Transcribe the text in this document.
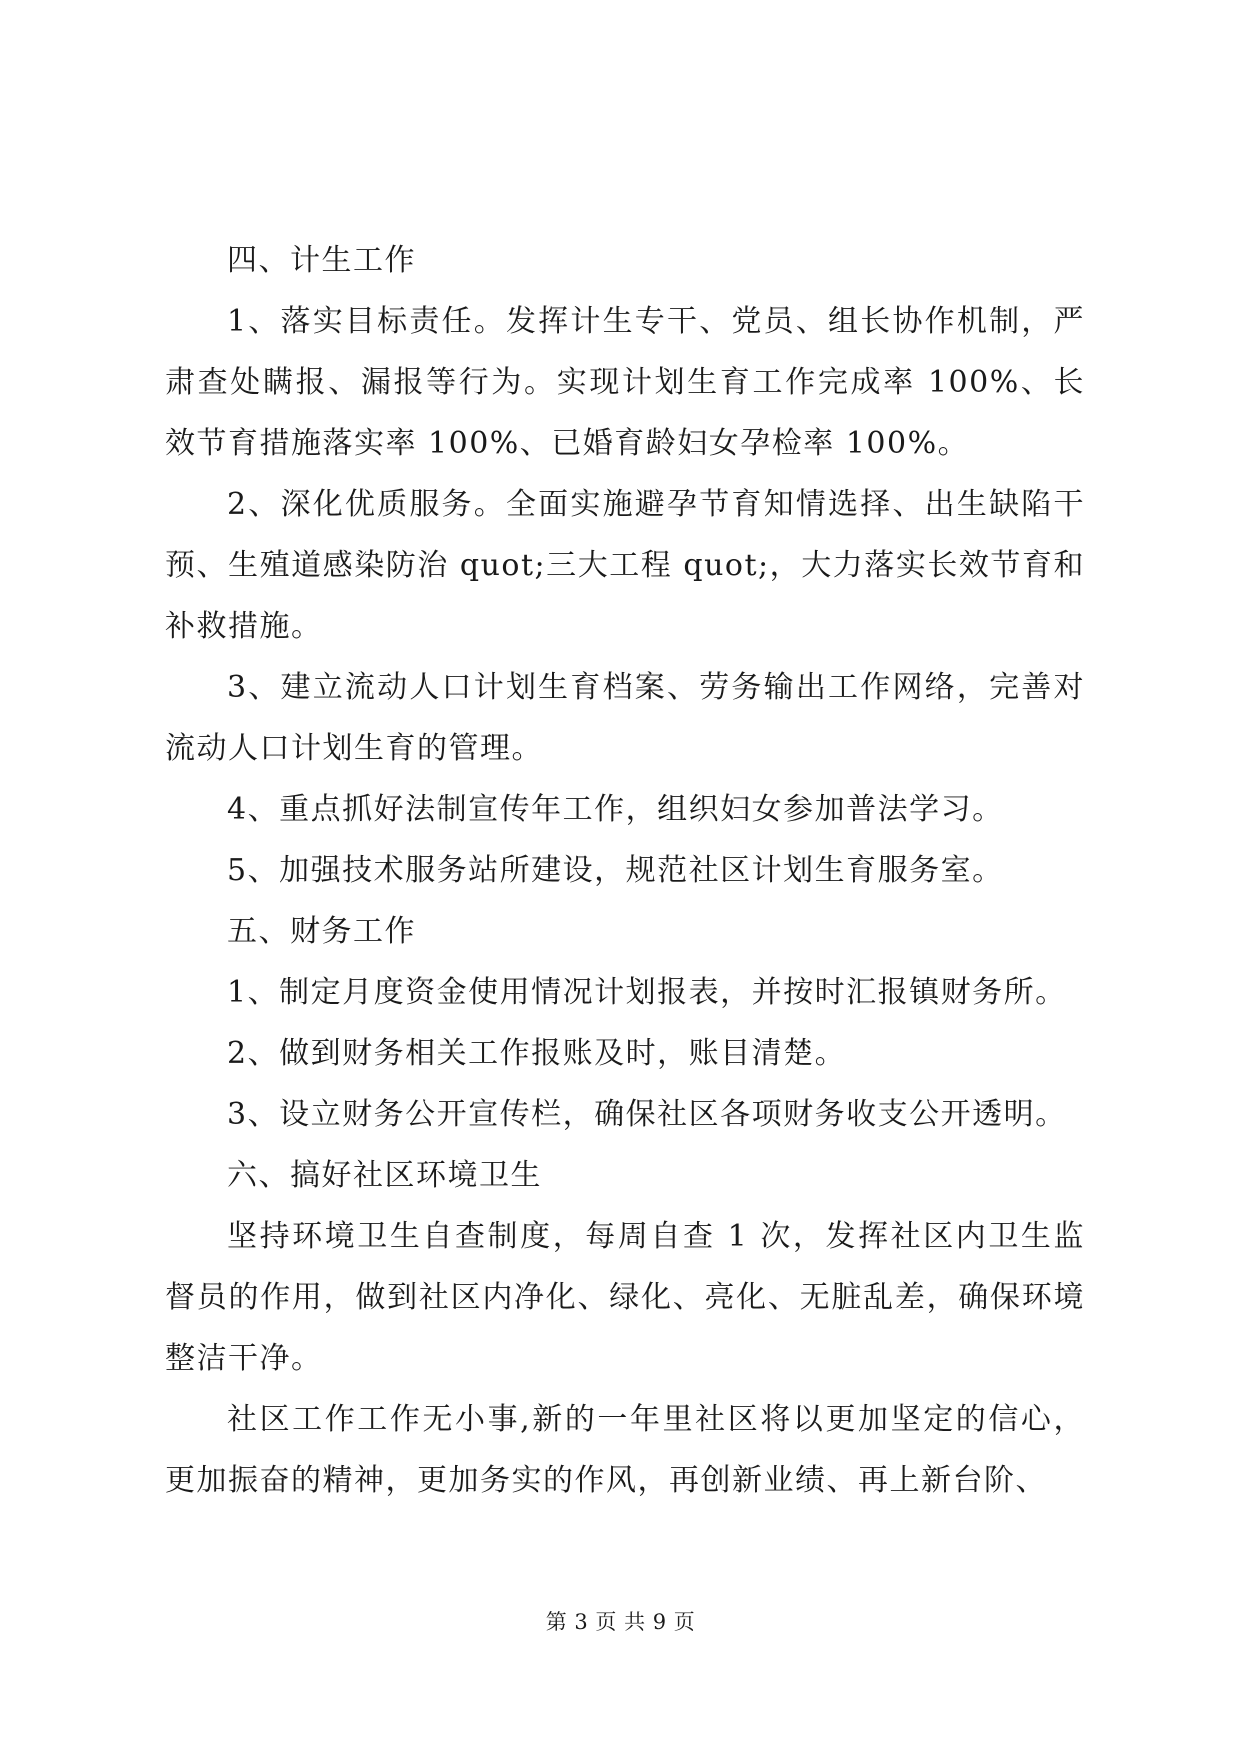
四、计生工作

1、落实目标责任。发挥计生专干、党员、组长协作机制，严肃查处瞒报、漏报等行为。实现计划生育工作完成率 100%、长效节育措施落实率 100%、已婚育龄妇女孕检率 100%。

2、深化优质服务。全面实施避孕节育知情选择、出生缺陷干预、生殖道感染防治 quot;三大工程 quot;，大力落实长效节育和补救措施。

3、建立流动人口计划生育档案、劳务输出工作网络，完善对流动人口计划生育的管理。

4、重点抓好法制宣传年工作，组织妇女参加普法学习。

5、加强技术服务站所建设，规范社区计划生育服务室。

五、财务工作

1、制定月度资金使用情况计划报表，并按时汇报镇财务所。

2、做到财务相关工作报账及时，账目清楚。

3、设立财务公开宣传栏，确保社区各项财务收支公开透明。

六、搞好社区环境卫生

坚持环境卫生自查制度，每周自查 1 次，发挥社区内卫生监督员的作用，做到社区内净化、绿化、亮化、无脏乱差，确保环境整洁干净。

社区工作工作无小事,新的一年里社区将以更加坚定的信心，更加振奋的精神，更加务实的作风，再创新业绩、再上新台阶、

第 3 页 共 9 页
